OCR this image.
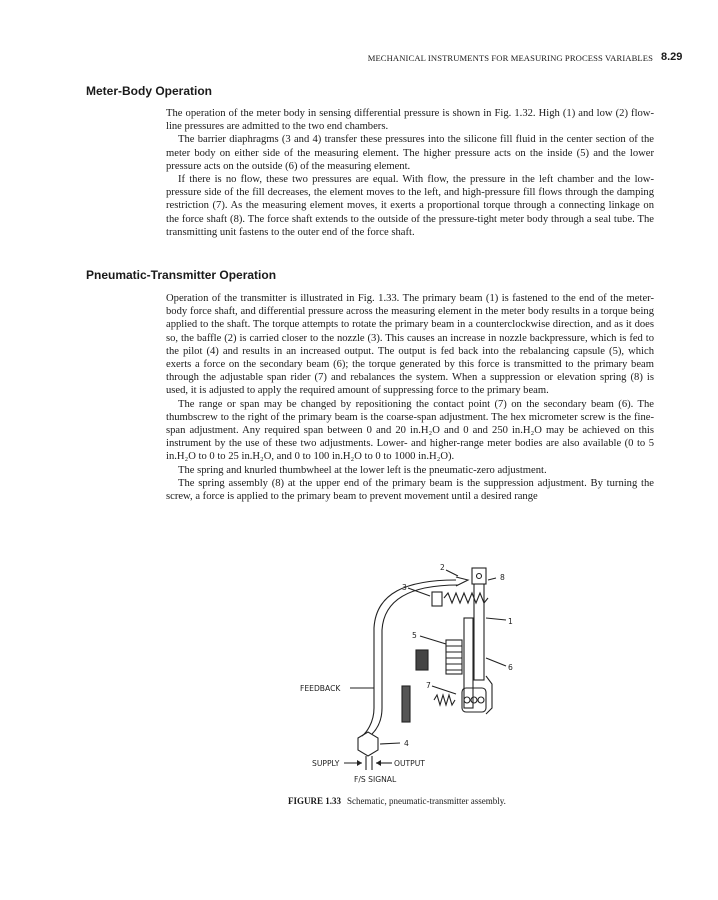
MECHANICAL INSTRUMENTS FOR MEASURING PROCESS VARIABLES 8.29
Meter-Body Operation

The operation of the meter body in sensing differential pressure is shown in Fig. 1.32. High (1) and low (2) flow-line pressures are admitted to the two end chambers.

The barrier diaphragms (3 and 4) transfer these pressures into the silicone fill fluid in the center section of the meter body on either side of the measuring element. The higher pressure acts on the inside (5) and the lower pressure acts on the outside (6) of the measuring element.

If there is no flow, these two pressures are equal. With flow, the pressure in the left chamber and the low-pressure side of the fill decreases, the element moves to the left, and high-pressure fill flows through the damping restriction (7). As the measuring element moves, it exerts a proportional torque through a connecting linkage on the force shaft (8). The force shaft extends to the outside of the pressure-tight meter body through a seal tube. The transmitting unit fastens to the outer end of the force shaft.

Pneumatic-Transmitter Operation

Operation of the transmitter is illustrated in Fig. 1.33. The primary beam (1) is fastened to the end of the meter-body force shaft, and differential pressure across the measuring element in the meter body results in a torque being applied to the shaft. The torque attempts to rotate the primary beam in a counterclockwise direction, and as it does so, the baffle (2) is carried closer to the nozzle (3). This causes an increase in nozzle backpressure, which is fed to the pilot (4) and results in an increased output. The output is fed back into the rebalancing capsule (5), which exerts a force on the secondary beam (6); the torque generated by this force is transmitted to the primary beam through the adjustable span rider (7) and rebalances the system. When a suppression or elevation spring (8) is used, it is adjusted to apply the required amount of suppressing force to the primary beam.

The range or span may be changed by repositioning the contact point (7) on the secondary beam (6). The thumbscrew to the right of the primary beam is the coarse-span adjustment. The hex micrometer screw is the fine-span adjustment. Any required span between 0 and 20 in.H₂O and 0 and 250 in.H₂O may be achieved on this instrument by the use of these two adjustments. Lower- and higher-range meter bodies are also available (0 to 5 in.H₂O to 0 to 25 in.H₂O, and 0 to 100 in.H₂O to 0 to 1000 in.H₂O).

The spring and knurled thumbwheel at the lower left is the pneumatic-zero adjustment.

The spring assembly (8) at the upper end of the primary beam is the suppression adjustment. By turning the screw, a force is applied to the primary beam to prevent movement until a desired range

2
3
8
1
5
6
7
4
FEEDBACK
SUPPLY	OUTPUT
F/S SIGNAL
FIGURE 1.33 Schematic, pneumatic-transmitter assembly.
